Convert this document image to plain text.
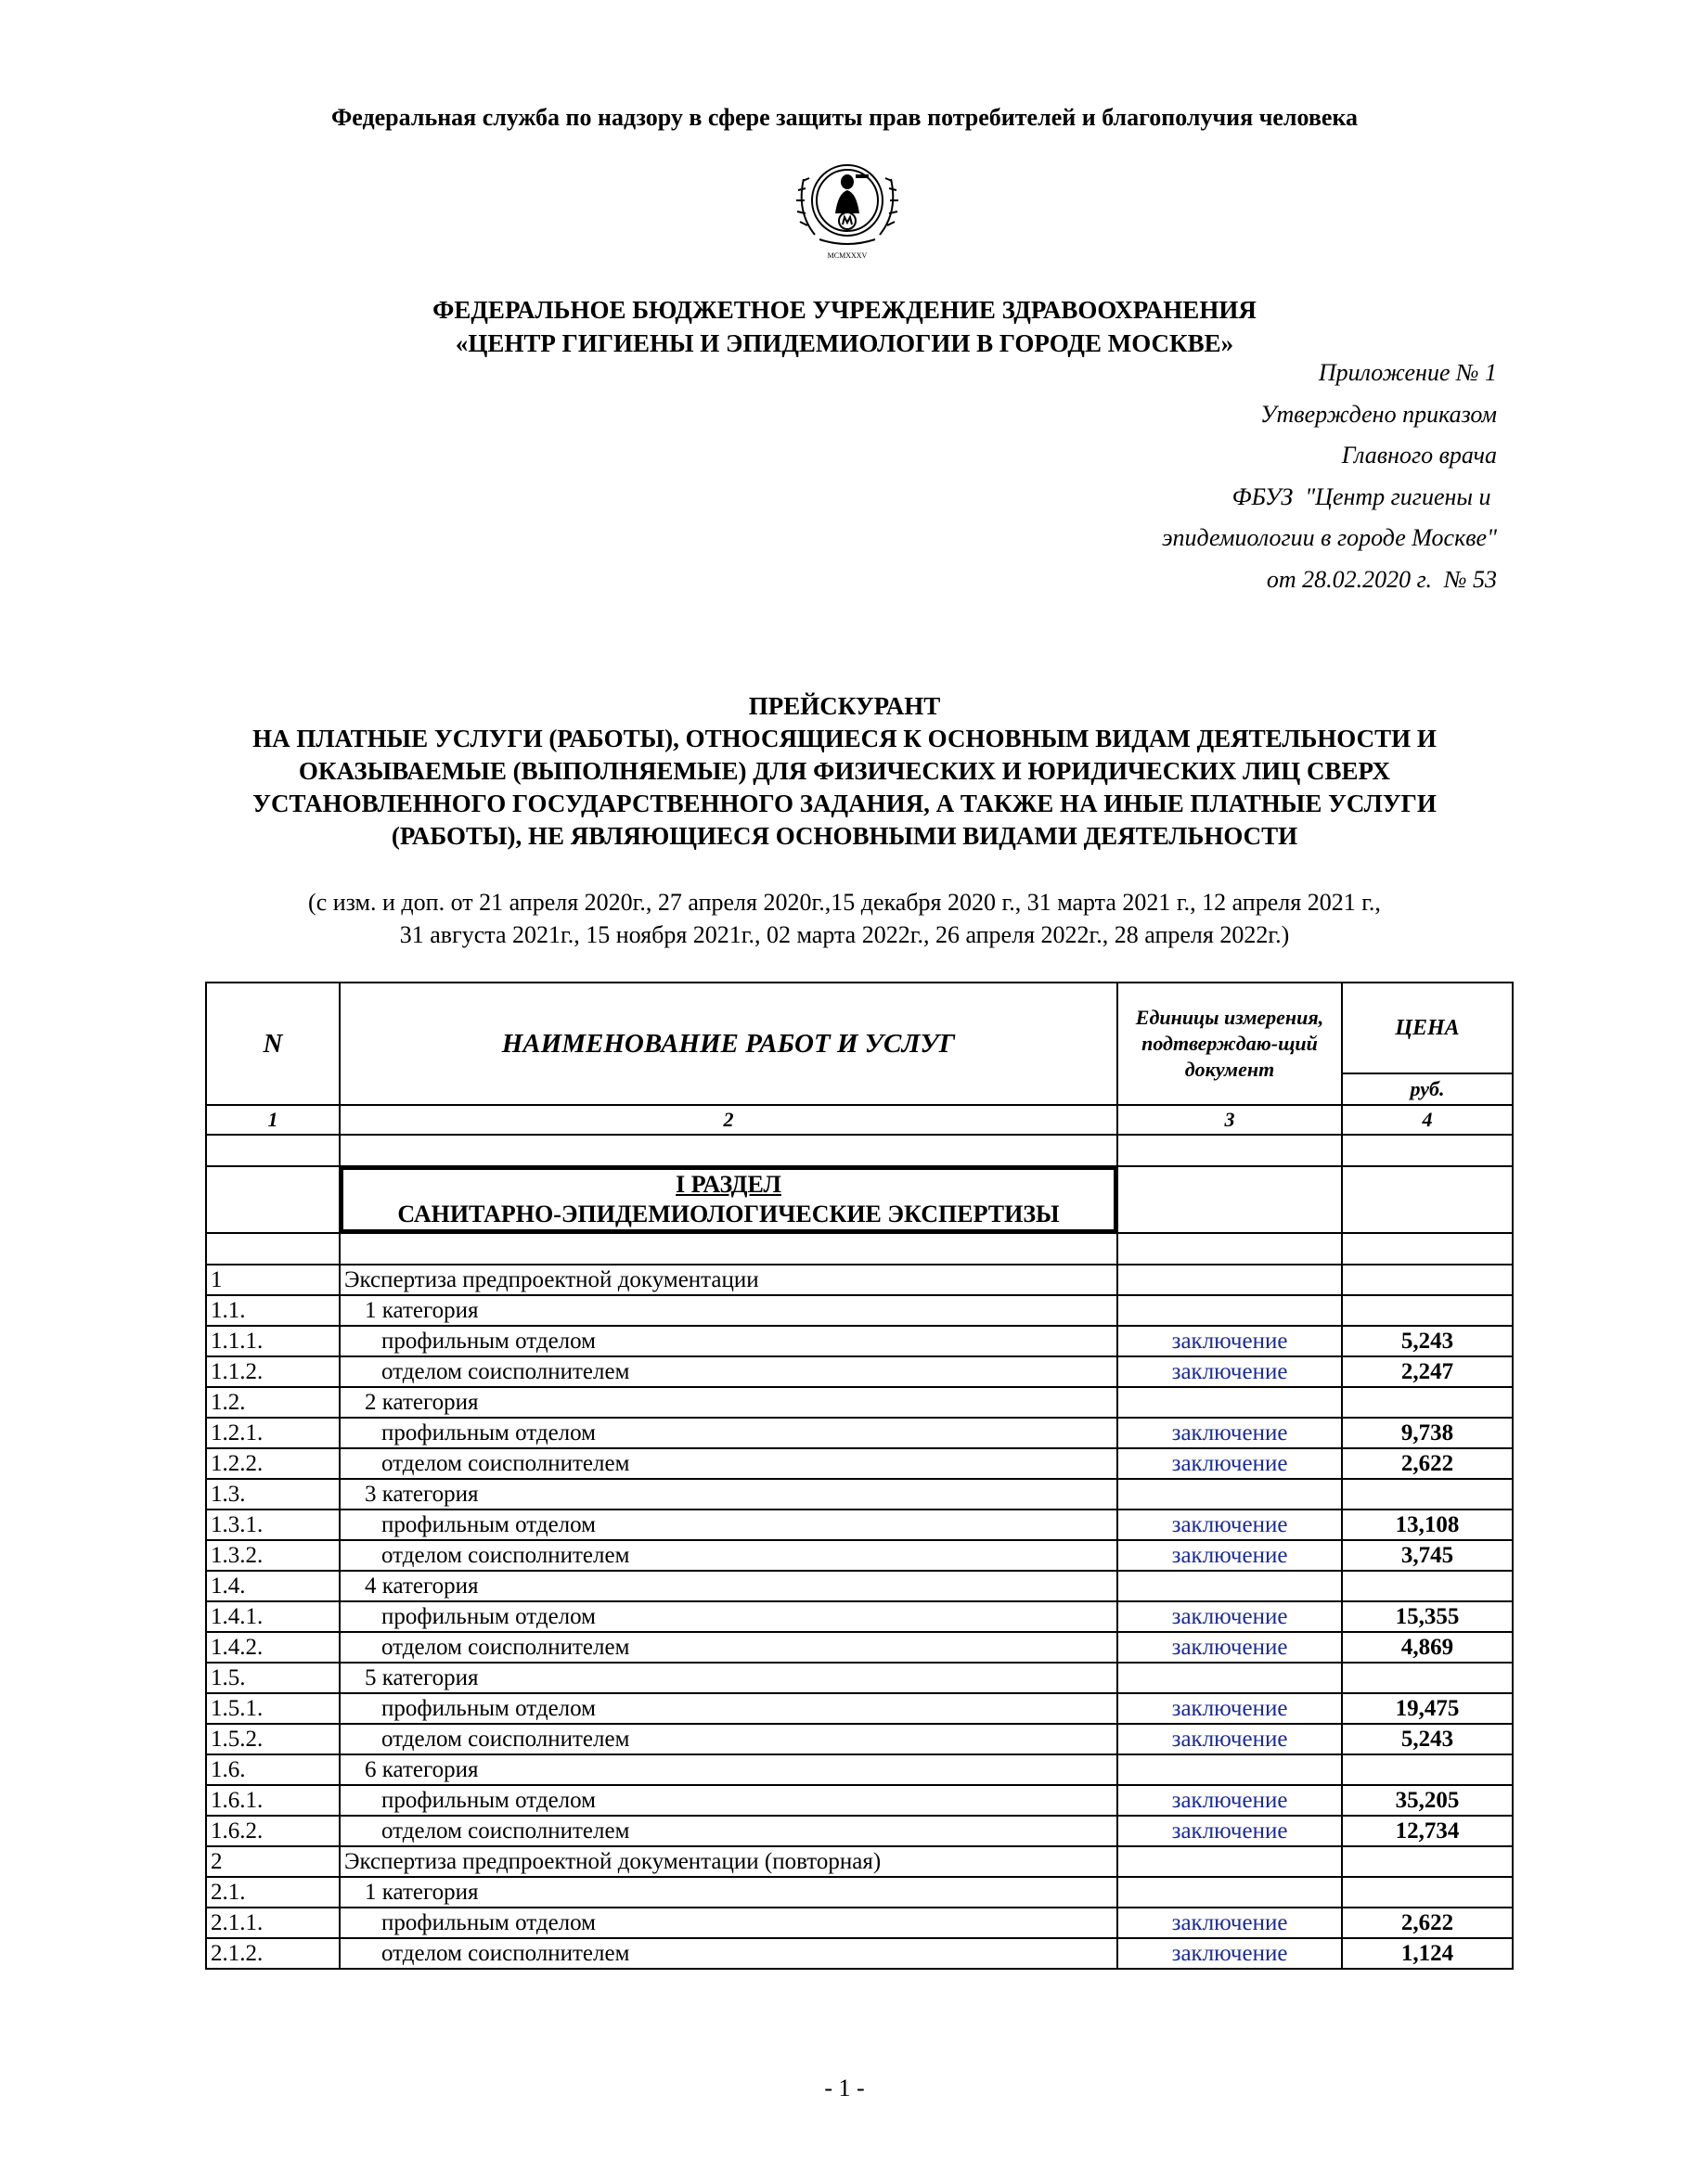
Федеральная служба по надзору в сфере защиты прав потребителей и благополучия человека
MCMXXXV
ФЕДЕРАЛЬНОЕ БЮДЖЕТНОЕ УЧРЕЖДЕНИЕ ЗДРАВООХРАНЕНИЯ
«ЦЕНТР ГИГИЕНЫ И ЭПИДЕМИОЛОГИИ В ГОРОДЕ МОСКВЕ»
Приложение № 1
Утверждено приказом
Главного врача
ФБУЗ  "Центр гигиены и
эпидемиологии в городе Москве"
от 28.02.2020 г.  № 53
ПРЕЙСКУРАНТ
НА ПЛАТНЫЕ УСЛУГИ (РАБОТЫ), ОТНОСЯЩИЕСЯ К ОСНОВНЫМ ВИДАМ ДЕЯТЕЛЬНОСТИ И
ОКАЗЫВАЕМЫЕ (ВЫПОЛНЯЕМЫЕ) ДЛЯ ФИЗИЧЕСКИХ И ЮРИДИЧЕСКИХ ЛИЦ СВЕРХ
УСТАНОВЛЕННОГО ГОСУДАРСТВЕННОГО ЗАДАНИЯ, А ТАКЖЕ НА ИНЫЕ ПЛАТНЫЕ УСЛУГИ
(РАБОТЫ), НЕ ЯВЛЯЮЩИЕСЯ ОСНОВНЫМИ ВИДАМИ ДЕЯТЕЛЬНОСТИ
(с изм. и доп. от 21 апреля 2020г., 27 апреля 2020г.,15 декабря 2020 г., 31 марта 2021 г., 12 апреля 2021 г.,
31 августа 2021г., 15 ноября 2021г., 02 марта 2022г., 26 апреля 2022г., 28 апреля 2022г.)
N	НАИМЕНОВАНИЕ РАБОТ И УСЛУГ	Единицы измерения, подтверждаю-щий документ	ЦЕНА
			руб.
1	2	3	4

	I РАЗДЕЛ
САНИТАРНО-ЭПИДЕМИОЛОГИЧЕСКИЕ ЭКСПЕРТИЗЫ		

1	Экспертиза предпроектной документации		
1.1.	1 категория		
1.1.1.	профильным отделом	заключение	5,243
1.1.2.	отделом соисполнителем	заключение	2,247
1.2.	2 категория		
1.2.1.	профильным отделом	заключение	9,738
1.2.2.	отделом соисполнителем	заключение	2,622
1.3.	3 категория		
1.3.1.	профильным отделом	заключение	13,108
1.3.2.	отделом соисполнителем	заключение	3,745
1.4.	4 категория		
1.4.1.	профильным отделом	заключение	15,355
1.4.2.	отделом соисполнителем	заключение	4,869
1.5.	5 категория		
1.5.1.	профильным отделом	заключение	19,475
1.5.2.	отделом соисполнителем	заключение	5,243
1.6.	6 категория		
1.6.1.	профильным отделом	заключение	35,205
1.6.2.	отделом соисполнителем	заключение	12,734
2	Экспертиза предпроектной документации (повторная)		
2.1.	1 категория		
2.1.1.	профильным отделом	заключение	2,622
2.1.2.	отделом соисполнителем	заключение	1,124
- 1 -
